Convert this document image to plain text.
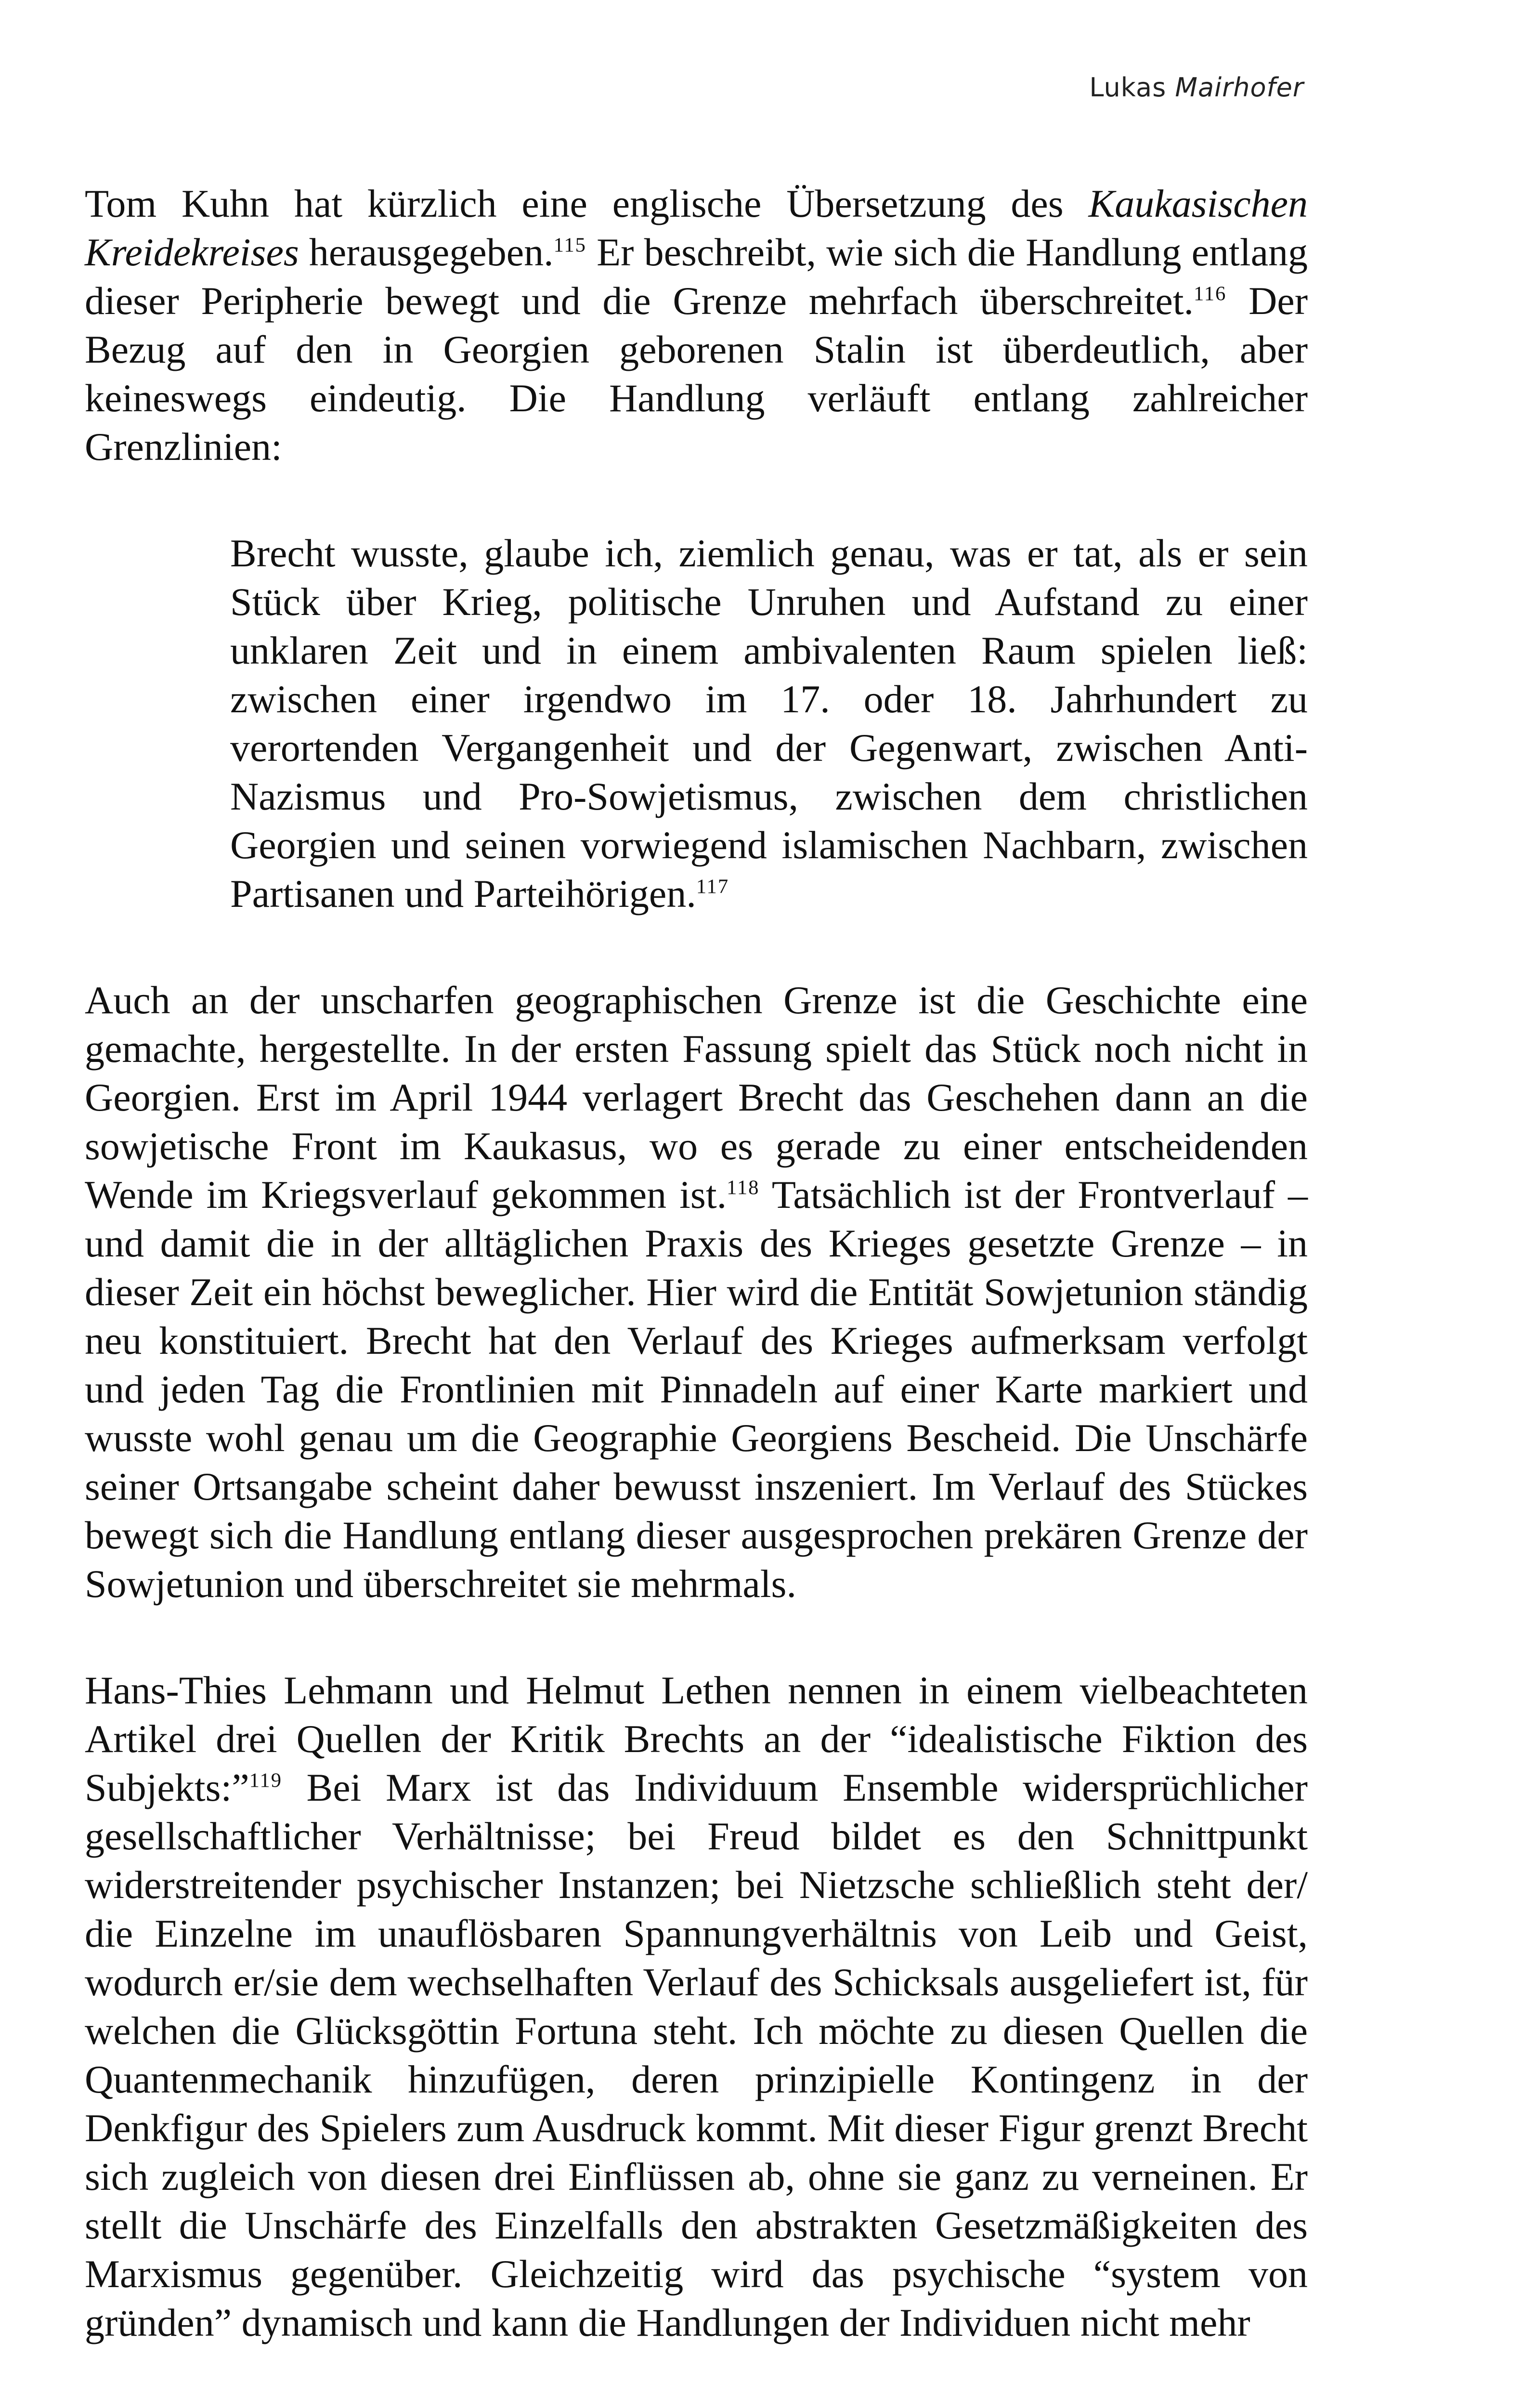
Lukas Mairhofer

Tom Kuhn hat kürzlich eine englische Übersetzung des Kaukasischen Kreidekreises herausgegeben.$^{115}$ Er beschreibt, wie sich die Handlung entlang dieser Peripherie bewegt und die Grenze mehrfach überschreitet.$^{116}$ Der Bezug auf den in Georgien geborenen Stalin ist überdeutlich, aber keineswegs eindeutig. Die Handlung verläuft entlang zahlreicher Grenzlinien:

Brecht wusste, glaube ich, ziemlich genau, was er tat, als er sein Stück über Krieg, politische Unruhen und Aufstand zu einer unklaren Zeit und in einem ambivalenten Raum spielen ließ: zwischen einer irgendwo im 17. oder 18. Jahrhundert zu verortenden Vergangenheit und der Gegenwart, zwischen Anti-Nazismus und Pro-Sowjetismus, zwischen dem christlichen Georgien und seinen vorwiegend islamischen Nachbarn, zwischen Partisanen und Parteihörigen.$^{117}$

Auch an der unscharfen geographischen Grenze ist die Geschichte eine gemachte, hergestellte. In der ersten Fassung spielt das Stück noch nicht in Georgien. Erst im April 1944 verlagert Brecht das Geschehen dann an die sowjetische Front im Kaukasus, wo es gerade zu einer entscheidenden Wende im Kriegsverlauf gekommen ist.$^{118}$ Tatsächlich ist der Frontverlauf – und damit die in der alltäglichen Praxis des Krieges gesetzte Grenze – in dieser Zeit ein höchst beweglicher. Hier wird die Entität Sowjetunion ständig neu konstituiert. Brecht hat den Verlauf des Krieges aufmerksam verfolgt und jeden Tag die Frontlinien mit Pinnadeln auf einer Karte markiert und wusste wohl genau um die Geographie Georgiens Bescheid. Die Unschärfe seiner Ortsangabe scheint daher bewusst inszeniert. Im Verlauf des Stückes bewegt sich die Handlung entlang dieser ausgesprochen prekären Grenze der Sowjetunion und überschreitet sie mehrmals.

Hans-Thies Lehmann und Helmut Lethen nennen in einem vielbeachteten Artikel drei Quellen der Kritik Brechts an der “idealistische Fiktion des Subjekts:”$^{119}$ Bei Marx ist das Individuum Ensemble widersprüchlicher gesellschaftlicher Verhältnisse; bei Freud bildet es den Schnittpunkt widerstreitender psychischer Instanzen; bei Nietzsche schließlich steht der/ die Einzelne im unauflösbaren Spannungverhältnis von Leib und Geist, wodurch er/sie dem wechselhaften Verlauf des Schicksals ausgeliefert ist, für welchen die Glücksgöttin Fortuna steht. Ich möchte zu diesen Quellen die Quantenmechanik hinzufügen, deren prinzipielle Kontingenz in der Denkfigur des Spielers zum Ausdruck kommt. Mit dieser Figur grenzt Brecht sich zugleich von diesen drei Einflüssen ab, ohne sie ganz zu verneinen. Er stellt die Unschärfe des Einzelfalls den abstrakten Gesetzmäßigkeiten des Marxismus gegenüber. Gleichzeitig wird das psychische “system von gründen” dynamisch und kann die Handlungen der Individuen nicht mehr
